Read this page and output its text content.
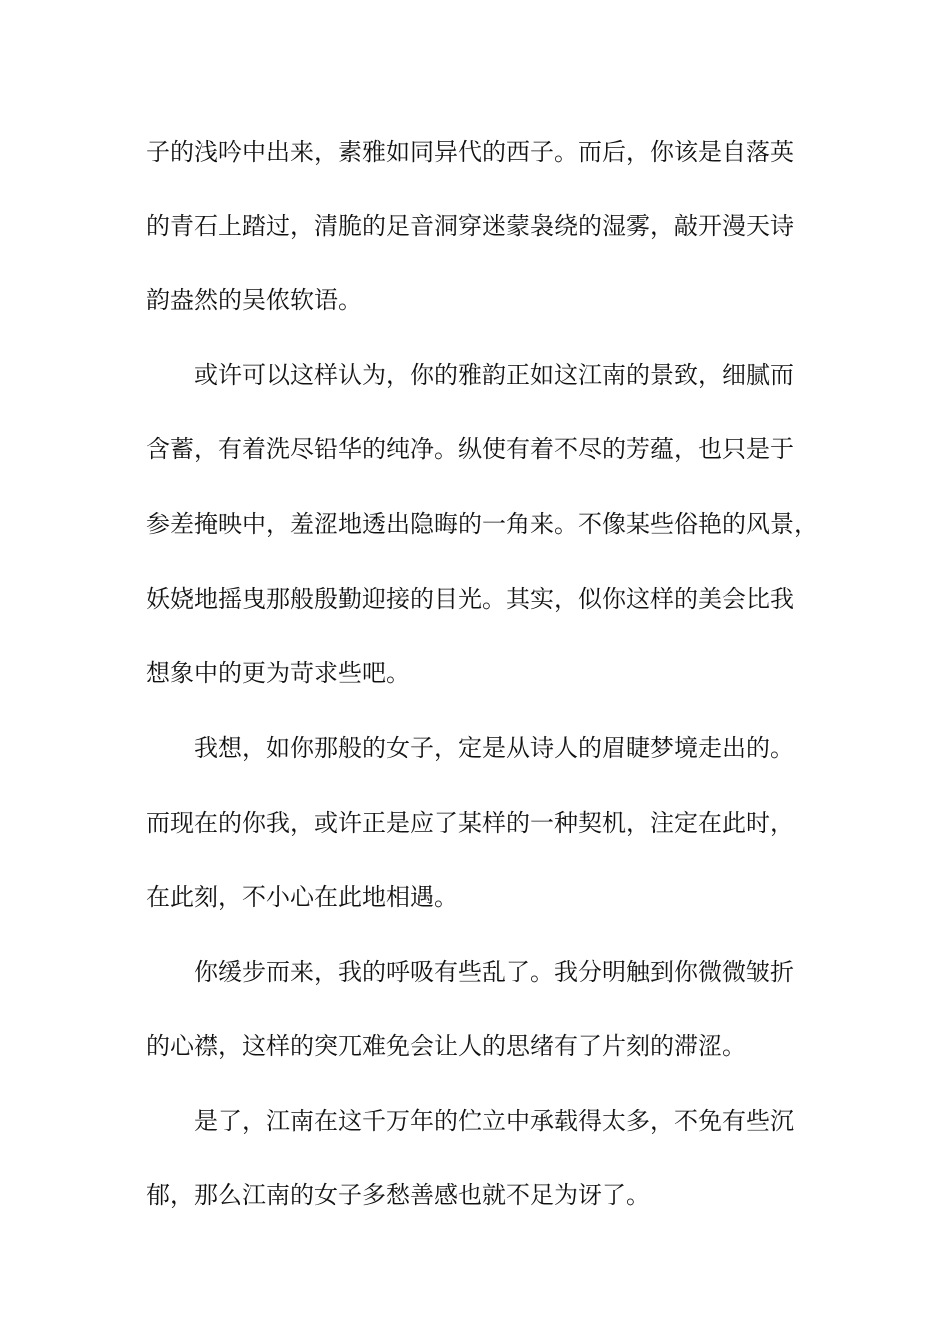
子的浅吟中出来，素雅如同异代的西子。而后，你该是自落英

的青石上踏过，清脆的足音洞穿迷蒙袅绕的湿雾，敲开漫天诗

韵盎然的吴侬软语。

或许可以这样认为，你的雅韵正如这江南的景致，细腻而

含蓄，有着洗尽铅华的纯净。纵使有着不尽的芳蕴，也只是于

参差掩映中，羞涩地透出隐晦的一角来。不像某些俗艳的风景，

妖娆地摇曳那般殷勤迎接的目光。其实，似你这样的美会比我

想象中的更为苛求些吧。

我想，如你那般的女子，定是从诗人的眉睫梦境走出的。

而现在的你我，或许正是应了某样的一种契机，注定在此时，

在此刻，不小心在此地相遇。

你缓步而来，我的呼吸有些乱了。我分明触到你微微皱折

的心襟，这样的突兀难免会让人的思绪有了片刻的滞涩。

是了，江南在这千万年的伫立中承载得太多，不免有些沉

郁，那么江南的女子多愁善感也就不足为讶了。
